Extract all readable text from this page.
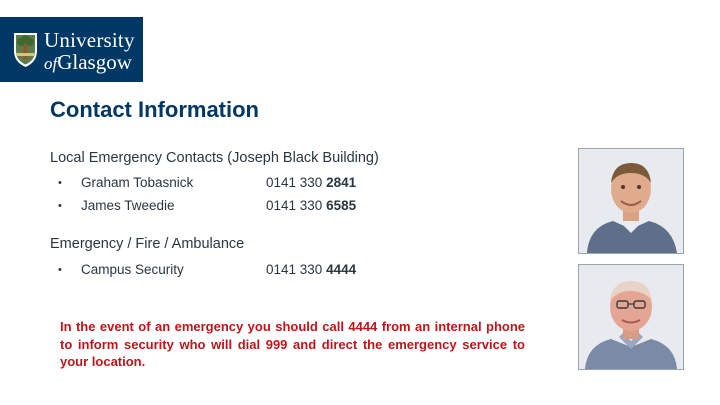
University
ofGlasgow
Contact Information
Local Emergency Contacts (Joseph Black Building)
• Graham Tobasnick	0141 330 2841
• James Tweedie	0141 330 6585
Emergency / Fire / Ambulance
• Campus Security	0141 330 4444
In the event of an emergency you should call 4444 from an internal phone to inform security who will dial 999 and direct the emergency service to your location.
